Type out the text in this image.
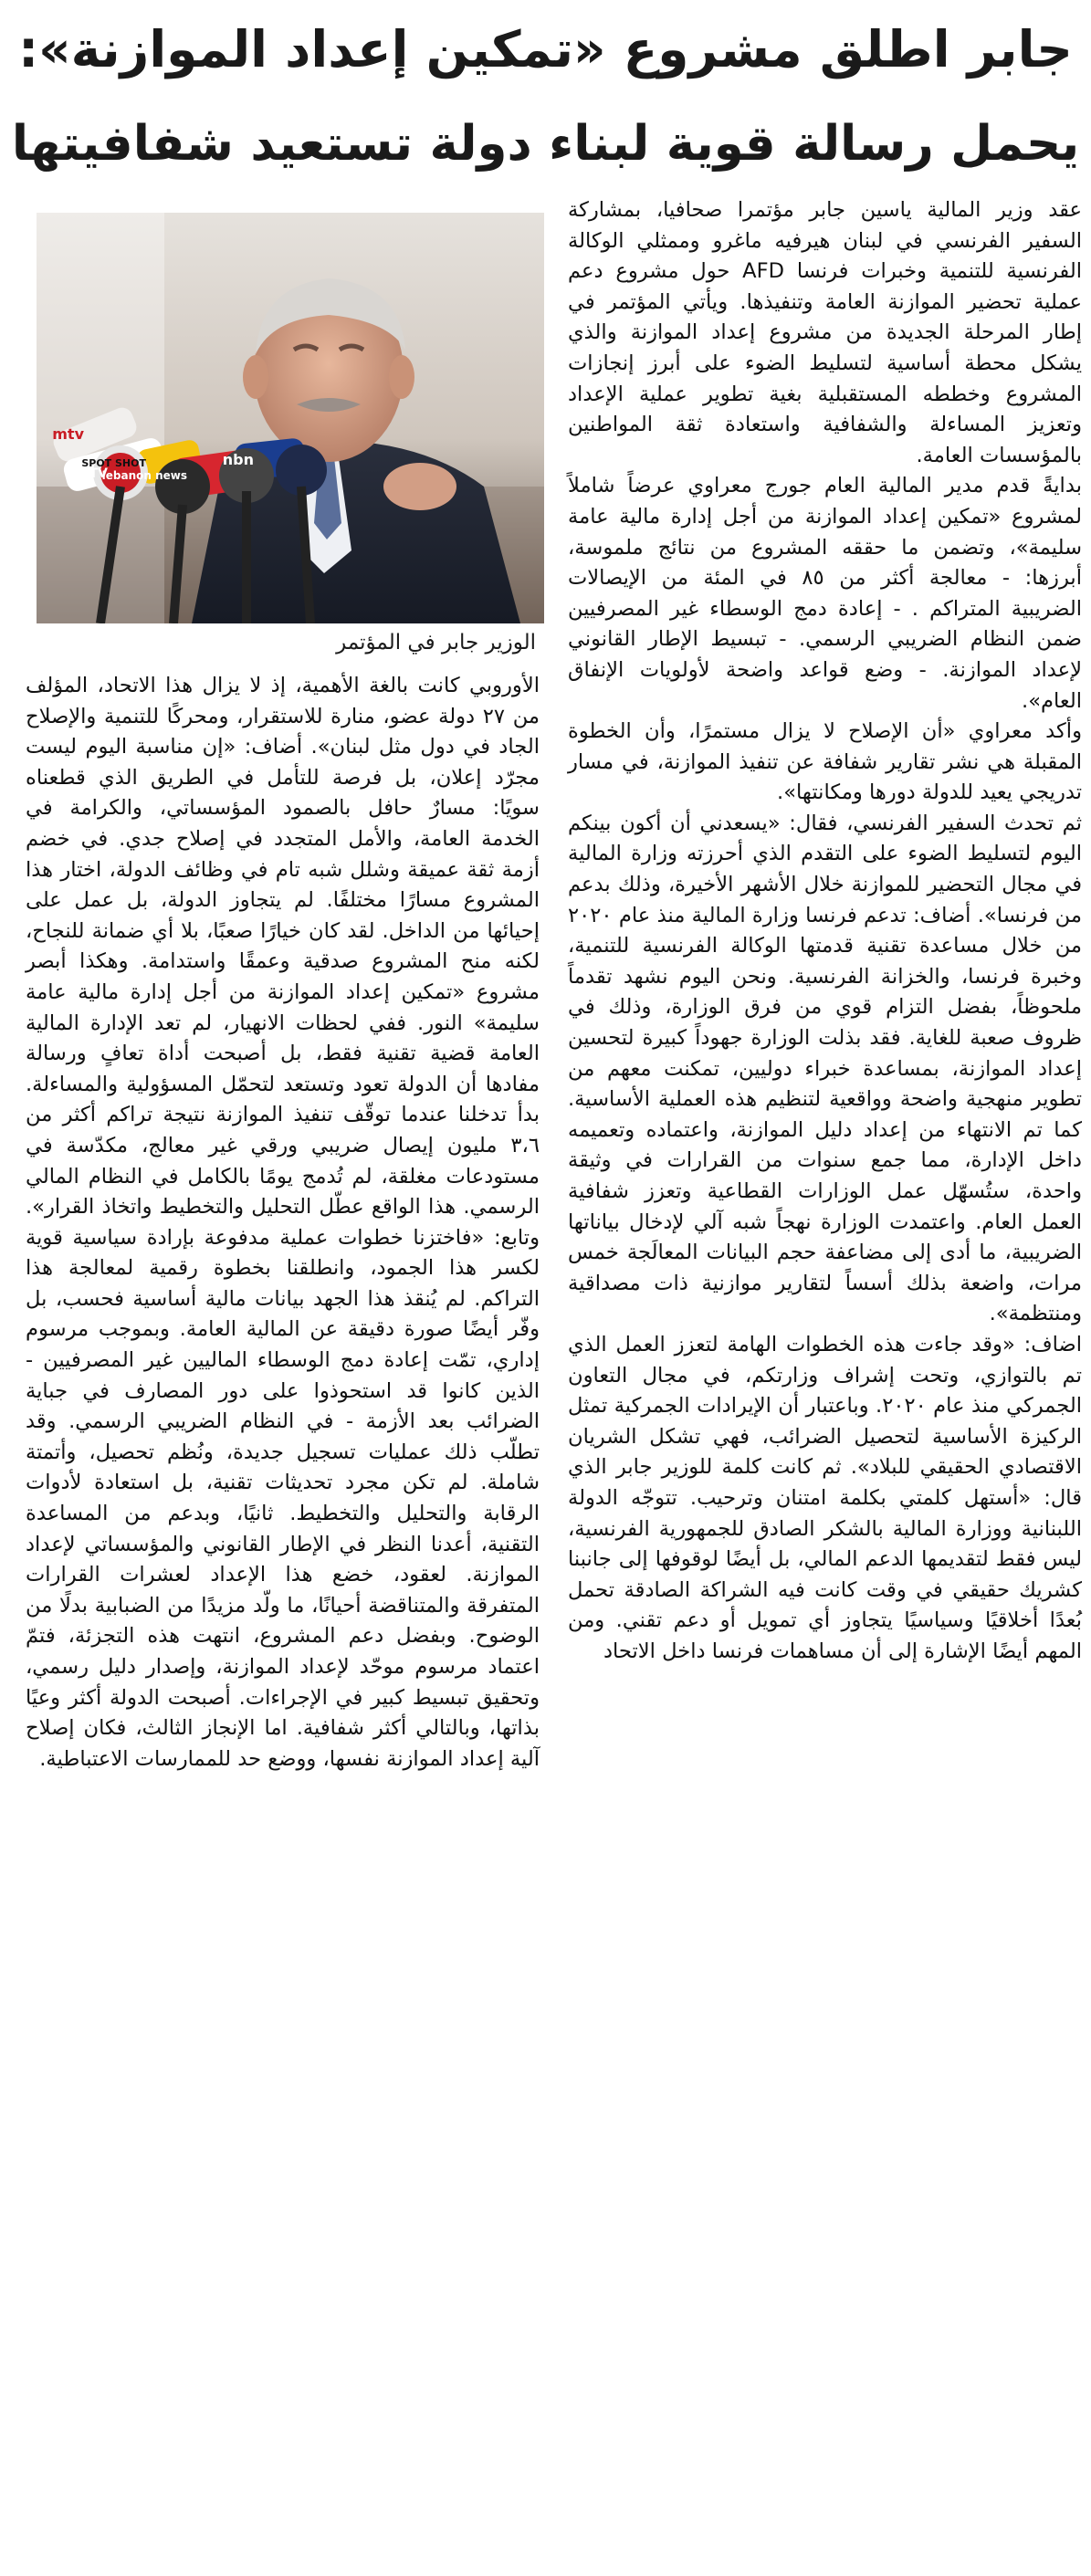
جابر اطلق مشروع «تمكين إعداد الموازنة»:
يحمل رسالة قوية لبناء دولة تستعيد شفافيتها

عقد وزير المالية ياسين جابر مؤتمرا صحافيا، بمشاركة السفير الفرنسي في لبنان هيرفيه ماغرو وممثلي الوكالة الفرنسية للتنمية وخبرات فرنسا AFD حول مشروع دعم عملية تحضير الموازنة العامة وتنفيذها. ويأتي المؤتمر في إطار المرحلة الجديدة من مشروع إعداد الموازنة والذي يشكل محطة أساسية لتسليط الضوء على أبرز إنجازات المشروع وخططه المستقبلية بغية تطوير عملية الإعداد وتعزيز المساءلة والشفافية واستعادة ثقة المواطنين بالمؤسسات العامة.

بدايةً قدم مدير المالية العام جورج معراوي عرضاً شاملاً لمشروع «تمكين إعداد الموازنة من أجل إدارة مالية عامة سليمة»، وتضمن ما حققه المشروع من نتائج ملموسة، أبرزها: - معالجة أكثر من ٨٥ في المئة من الإيصالات الضريبية المتراكم . - إعادة دمج الوسطاء غير المصرفيين ضمن النظام الضريبي الرسمي. - تبسيط الإطار القانوني لإعداد الموازنة. - وضع قواعد واضحة لأولويات الإنفاق العام».

وأكد معراوي «أن الإصلاح لا يزال مستمرًا، وأن الخطوة المقبلة هي نشر تقارير شفافة عن تنفيذ الموازنة، في مسار تدريجي يعيد للدولة دورها ومكانتها».

ثم تحدث السفير الفرنسي، فقال: «يسعدني أن أكون بينكم اليوم لتسليط الضوء على التقدم الذي أحرزته وزارة المالية في مجال التحضير للموازنة خلال الأشهر الأخيرة، وذلك بدعم من فرنسا». أضاف: تدعم فرنسا وزارة المالية منذ عام ٢٠٢٠ من خلال مساعدة تقنية قدمتها الوكالة الفرنسية للتنمية، وخبرة فرنسا، والخزانة الفرنسية. ونحن اليوم نشهد تقدماً ملحوظاً، بفضل التزام قوي من فرق الوزارة، وذلك في ظروف صعبة للغاية. فقد بذلت الوزارة جهوداً كبيرة لتحسين إعداد الموازنة، بمساعدة خبراء دوليين، تمكنت معهم من تطوير منهجية واضحة وواقعية لتنظيم هذه العملية الأساسية. كما تم الانتهاء من إعداد دليل الموازنة، واعتماده وتعميمه داخل الإدارة، مما جمع سنوات من القرارات في وثيقة واحدة، ستُسهّل عمل الوزارات القطاعية وتعزز شفافية العمل العام. واعتمدت الوزارة نهجاً شبه آلي لإدخال بياناتها الضريبية، ما أدى إلى مضاعفة حجم البيانات المعالَجة خمس مرات، واضعة بذلك أسساً لتقارير موازنية ذات مصداقية ومنتظمة».

اضاف: «وقد جاءت هذه الخطوات الهامة لتعزز العمل الذي تم بالتوازي، وتحت إشراف وزارتكم، في مجال التعاون الجمركي منذ عام ٢٠٢٠. وباعتبار أن الإيرادات الجمركية تمثل الركيزة الأساسية لتحصيل الضرائب، فهي تشكل الشريان الاقتصادي الحقيقي للبلاد». ثم كانت كلمة للوزير جابر الذي قال: «أستهل كلمتي بكلمة امتنان وترحيب. تتوجّه الدولة اللبنانية ووزارة المالية بالشكر الصادق للجمهورية الفرنسية، ليس فقط لتقديمها الدعم المالي، بل أيضًا لوقوفها إلى جانبنا كشريك حقيقي في وقت كانت فيه الشراكة الصادقة تحمل بُعدًا أخلاقيًا وسياسيًا يتجاوز أي تمويل أو دعم تقني. ومن المهم أيضًا الإشارة إلى أن مساهمات فرنسا داخل الاتحاد

mtv
OTV
SPOT SHOT
lebanon news
nbn
الوزير جابر في المؤتمر

الأوروبي كانت بالغة الأهمية، إذ لا يزال هذا الاتحاد، المؤلف من ٢٧ دولة عضو، منارة للاستقرار، ومحركًا للتنمية والإصلاح الجاد في دول مثل لبنان». أضاف: «إن مناسبة اليوم ليست مجرّد إعلان، بل فرصة للتأمل في الطريق الذي قطعناه سويًا: مسارٌ حافل بالصمود المؤسساتي، والكرامة في الخدمة العامة، والأمل المتجدد في إصلاح جدي. في خضم أزمة ثقة عميقة وشلل شبه تام في وظائف الدولة، اختار هذا المشروع مسارًا مختلفًا. لم يتجاوز الدولة، بل عمل على إحيائها من الداخل. لقد كان خيارًا صعبًا، بلا أي ضمانة للنجاح، لكنه منح المشروع صدقية وعمقًا واستدامة. وهكذا أبصر مشروع «تمكين إعداد الموازنة من أجل إدارة مالية عامة سليمة» النور. ففي لحظات الانهيار، لم تعد الإدارة المالية العامة قضية تقنية فقط، بل أصبحت أداة تعافٍ ورسالة مفادها أن الدولة تعود وتستعد لتحمّل المسؤولية والمساءلة. بدأ تدخلنا عندما توقّف تنفيذ الموازنة نتيجة تراكم أكثر من ٣،٦ مليون إيصال ضريبي ورقي غير معالج، مكدّسة في مستودعات مغلقة، لم تُدمج يومًا بالكامل في النظام المالي الرسمي. هذا الواقع عطّل التحليل والتخطيط واتخاذ القرار». وتابع: «فاختزنا خطوات عملية مدفوعة بإرادة سياسية قوية لكسر هذا الجمود، وانطلقنا بخطوة رقمية لمعالجة هذا التراكم. لم يُنقذ هذا الجهد بيانات مالية أساسية فحسب، بل وفّر أيضًا صورة دقيقة عن المالية العامة. وبموجب مرسوم إداري، تمّت إعادة دمج الوسطاء الماليين غير المصرفيين - الذين كانوا قد استحوذوا على دور المصارف في جباية الضرائب بعد الأزمة - في النظام الضريبي الرسمي. وقد تطلّب ذلك عمليات تسجيل جديدة، ونُظم تحصيل، وأتمتة شاملة. لم تكن مجرد تحديثات تقنية، بل استعادة لأدوات الرقابة والتحليل والتخطيط. ثانيًا، وبدعم من المساعدة التقنية، أعدنا النظر في الإطار القانوني والمؤسساتي لإعداد الموازنة. لعقود، خضع هذا الإعداد لعشرات القرارات المتفرقة والمتناقضة أحيانًا، ما ولّد مزيدًا من الضبابية بدلًا من الوضوح. وبفضل دعم المشروع، انتهت هذه التجزئة، فتمّ اعتماد مرسوم موحّد لإعداد الموازنة، وإصدار دليل رسمي، وتحقيق تبسيط كبير في الإجراءات. أصبحت الدولة أكثر وعيًا بذاتها، وبالتالي أكثر شفافية. اما الإنجاز الثالث، فكان إصلاح آلية إعداد الموازنة نفسها، ووضع حد للممارسات الاعتباطية.
